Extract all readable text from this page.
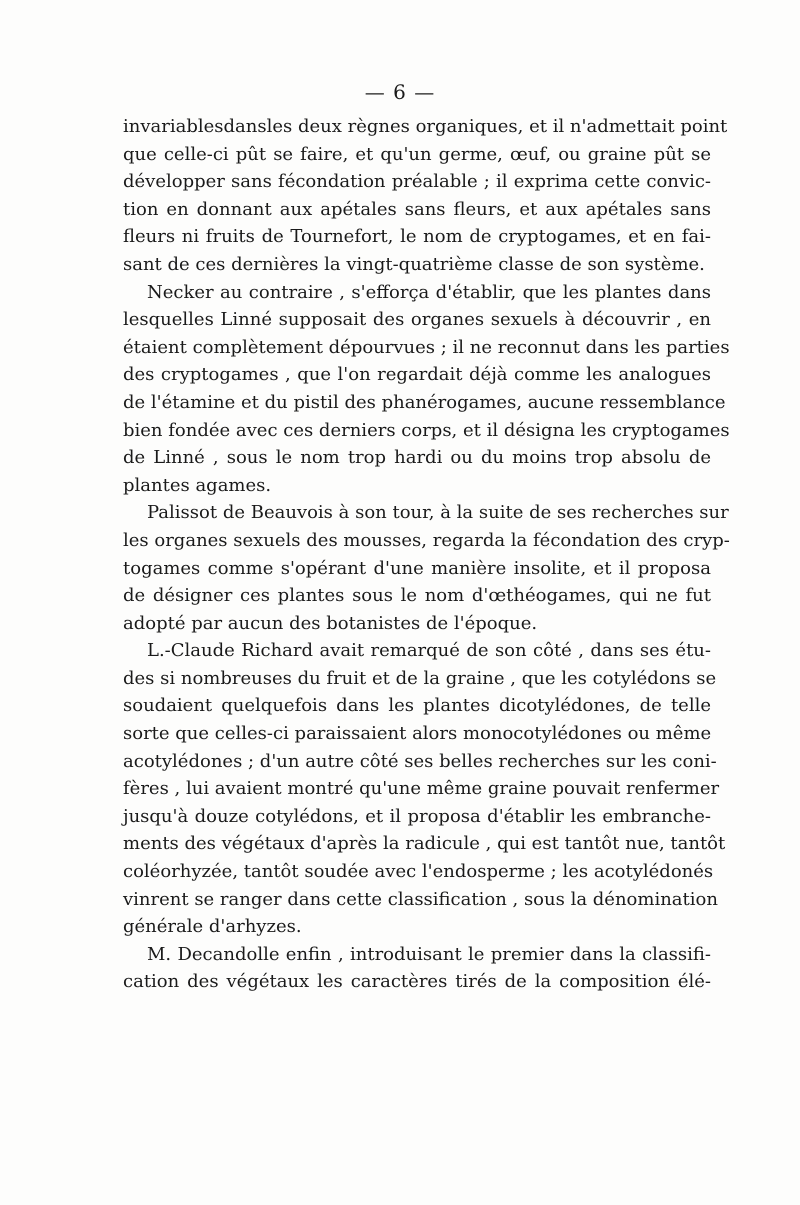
— 6 —
invariablesdansles deux règnes organiques, et il n'admettait point
que celle-ci pût se faire, et qu'un germe, œuf, ou graine pût se
développer sans fécondation préalable ; il exprima cette convic-
tion en donnant aux apétales sans fleurs, et aux apétales sans
fleurs ni fruits de Tournefort, le nom de cryptogames, et en fai-
sant de ces dernières la vingt-quatrième classe de son système.
Necker au contraire , s'efforça d'établir, que les plantes dans
lesquelles Linné supposait des organes sexuels à découvrir , en
étaient complètement dépourvues ; il ne reconnut dans les parties
des cryptogames , que l'on regardait déjà comme les analogues
de l'étamine et du pistil des phanérogames, aucune ressemblance
bien fondée avec ces derniers corps, et il désigna les cryptogames
de Linné , sous le nom trop hardi ou du moins trop absolu de
plantes agames.
Palissot de Beauvois à son tour, à la suite de ses recherches sur
les organes sexuels des mousses, regarda la fécondation des cryp-
togames comme s'opérant d'une manière insolite, et il proposa
de désigner ces plantes sous le nom d'œthéogames, qui ne fut
adopté par aucun des botanistes de l'époque.
L.-Claude Richard avait remarqué de son côté , dans ses étu-
des si nombreuses du fruit et de la graine , que les cotylédons se
soudaient quelquefois dans les plantes dicotylédones, de telle
sorte que celles-ci paraissaient alors monocotylédones ou même
acotylédones ; d'un autre côté ses belles recherches sur les coni-
fères , lui avaient montré qu'une même graine pouvait renfermer
jusqu'à douze cotylédons, et il proposa d'établir les embranche-
ments des végétaux d'après la radicule , qui est tantôt nue, tantôt
coléorhyzée, tantôt soudée avec l'endosperme ; les acotylédonés
vinrent se ranger dans cette classification , sous la dénomination
générale d'arhyzes.
M. Decandolle enfin , introduisant le premier dans la classifi-
cation des végétaux les caractères tirés de la composition élé-
